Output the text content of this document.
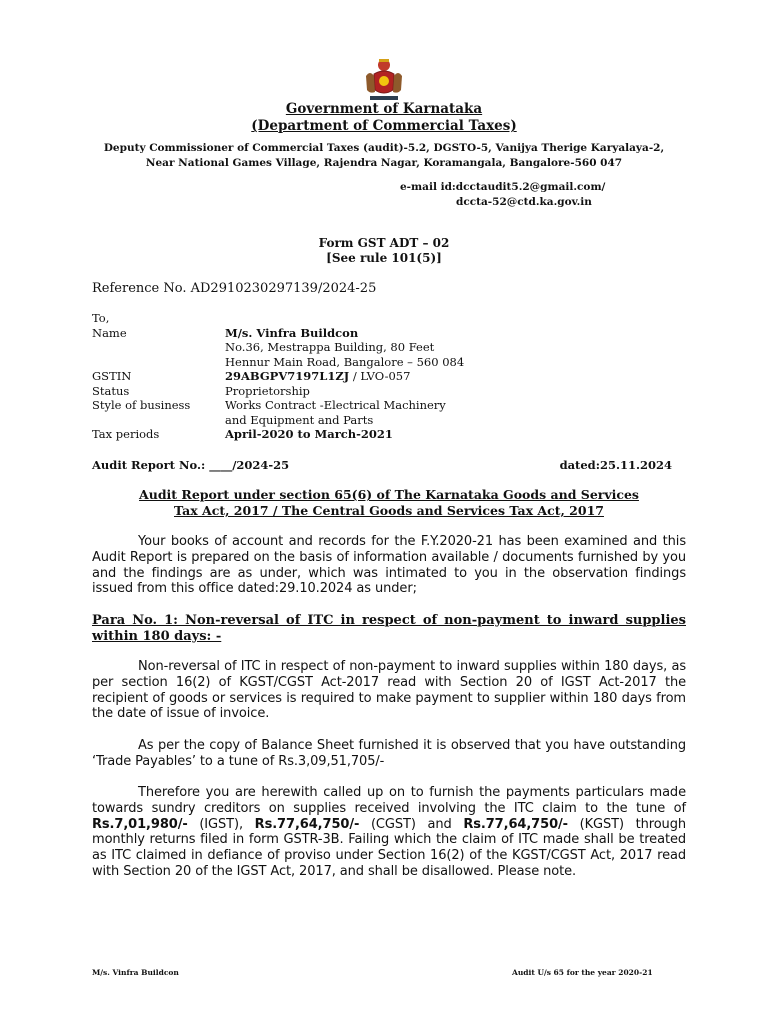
Government of Karnataka
(Department of Commercial Taxes)
Deputy Commissioner of Commercial Taxes (audit)-5.2, DGSTO-5, Vanijya Therige Karyalaya-2,
Near National Games Village, Rajendra Nagar, Koramangala, Bangalore-560 047
e-mail id:dcctaudit5.2@gmail.com/
dccta-52@ctd.ka.gov.in
Form GST ADT – 02
[See rule 101(5)]
Reference No. AD2910230297139/2024-25
To,
Name	M/s. Vinfra Buildcon
No.36, Mestrappa Building, 80 Feet
Hennur Main Road, Bangalore – 560 084
GSTIN	29ABGPV7197L1ZJ / LVO-057
Status	Proprietorship
Style of business	Works Contract -Electrical Machinery
and Equipment and Parts
Tax periods	April-2020 to March-2021
Audit Report No.: ____/2024-25	dated:25.11.2024
Audit Report under section 65(6) of The Karnataka Goods and Services
Tax Act, 2017 / The Central Goods and Services Tax Act, 2017
Your books of account and records for the F.Y.2020-21 has been examined and this Audit Report is prepared on the basis of information available / documents furnished by you and the findings are as under, which was intimated to you in the observation findings issued from this office dated:29.10.2024 as under;
Para No. 1: Non-reversal of ITC in respect of non-payment to inward supplies within 180 days: -
Non-reversal of ITC in respect of non-payment to inward supplies within 180 days, as per section 16(2) of KGST/CGST Act-2017 read with Section 20 of IGST Act-2017 the recipient of goods or services is required to make payment to supplier within 180 days from the date of issue of invoice.
As per the copy of Balance Sheet furnished it is observed that you have outstanding ‘Trade Payables’ to a tune of Rs.3,09,51,705/-
Therefore you are herewith called up on to furnish the payments particulars made towards sundry creditors on supplies received involving the ITC claim to the tune of Rs.7,01,980/- (IGST), Rs.77,64,750/- (CGST) and Rs.77,64,750/- (KGST) through monthly returns filed in form GSTR-3B. Failing which the claim of ITC made shall be treated as ITC claimed in defiance of proviso under Section 16(2) of the KGST/CGST Act, 2017 read with Section 20 of the IGST Act, 2017, and shall be disallowed. Please note.
M/s. Vinfra Buildcon	Audit U/s 65 for the year 2020-21
